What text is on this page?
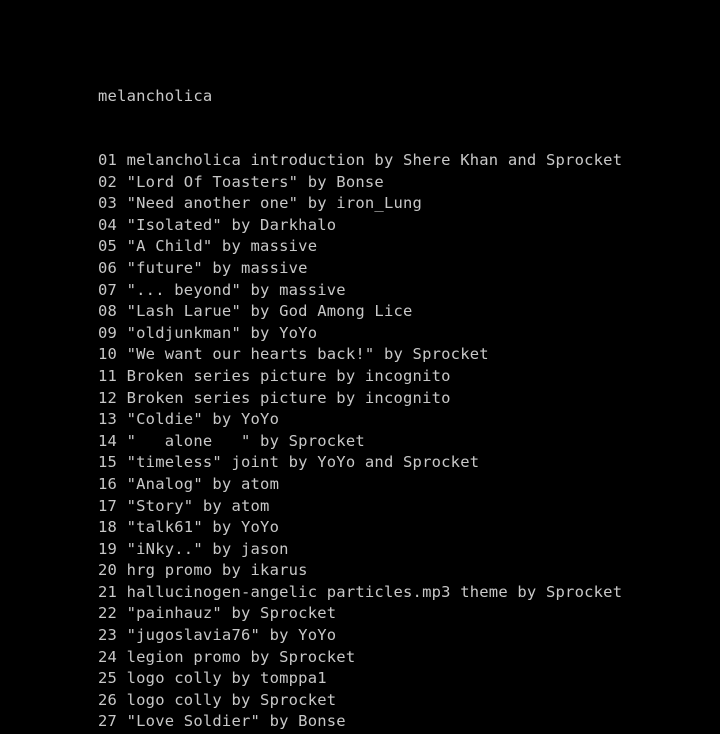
melancholica
01 melancholica introduction by Shere Khan and Sprocket
02 "Lord Of Toasters" by Bonse
03 "Need another one" by iron_Lung
04 "Isolated" by Darkhalo
05 "A Child" by massive
06 "future" by massive
07 "... beyond" by massive
08 "Lash Larue" by God Among Lice
09 "oldjunkman" by YoYo
10 "We want our hearts back!" by Sprocket
11 Broken series picture by incognito
12 Broken series picture by incognito
13 "Coldie" by YoYo
14 "   alone   " by Sprocket
15 "timeless" joint by YoYo and Sprocket
16 "Analog" by atom
17 "Story" by atom
18 "talk61" by YoYo
19 "iNky.." by jason
20 hrg promo by ikarus
21 hallucinogen-angelic particles.mp3 theme by Sprocket
22 "painhauz" by Sprocket
23 "jugoslavia76" by YoYo
24 legion promo by Sprocket
25 logo colly by tomppa1
26 logo colly by Sprocket
27 "Love Soldier" by Bonse
